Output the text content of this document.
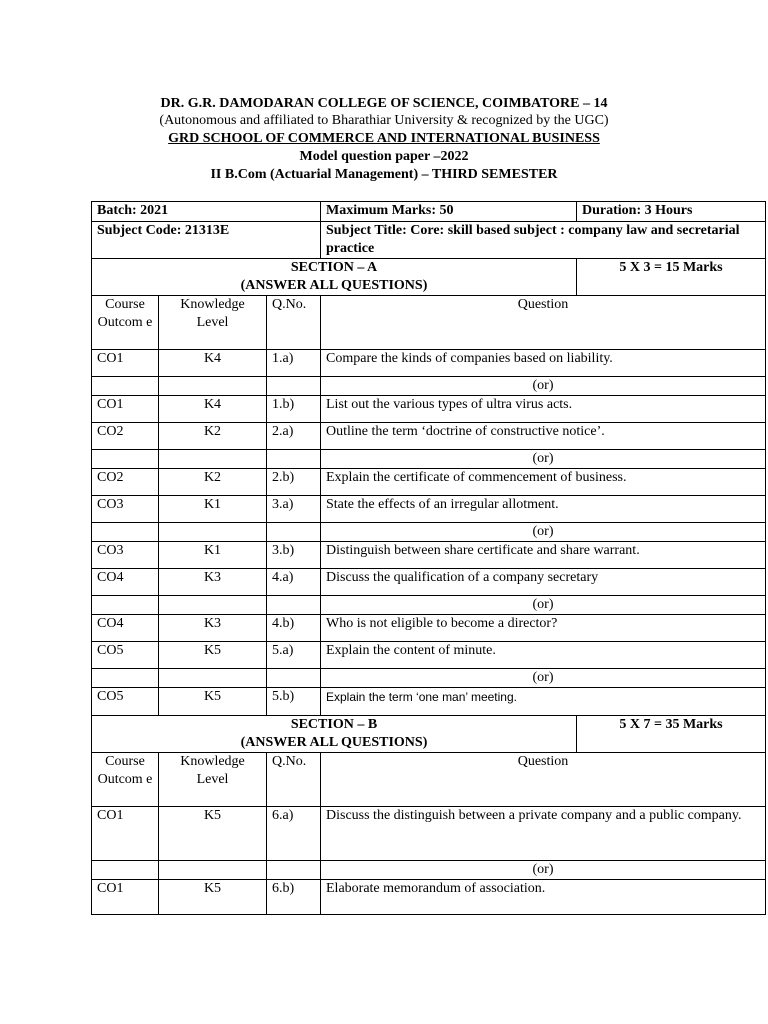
DR. G.R. DAMODARAN COLLEGE OF SCIENCE, COIMBATORE – 14
(Autonomous and affiliated to Bharathiar University & recognized by the UGC)
GRD SCHOOL OF COMMERCE AND INTERNATIONAL BUSINESS
Model question paper –2022
II B.Com (Actuarial Management) – THIRD SEMESTER
Batch: 2021			Maximum Marks: 50	Duration: 3 Hours
Subject Code: 21313E			Subject Title: Core: skill based subject : company law and secretarial practice	

SECTION – A
(ANSWER ALL QUESTIONS)				5 X 3 = 15 Marks
Course Outcom e	Knowledge Level	Q.No.	Question	
CO1	K4	1.a)	Compare the kinds of companies based on liability.	
			(or)	
CO1	K4	1.b)	List out the various types of ultra virus acts.	
CO2	K2	2.a)	Outline the term ‘doctrine of constructive notice’.	
			(or)	
CO2	K2	2.b)	Explain the certificate of commencement of business.	
CO3	K1	3.a)	State the effects of an irregular allotment.	
			(or)	
CO3	K1	3.b)	Distinguish between share certificate and share warrant.	
CO4	K3	4.a)	Discuss the qualification of a company secretary	
			(or)	
CO4	K3	4.b)	Who is not eligible to become a director?	
CO5	K5	5.a)	Explain the content of minute.	
			(or)	
CO5	K5	5.b)	Explain the term ‘one man’ meeting.	

SECTION – B
(ANSWER ALL QUESTIONS)				5 X 7 = 35 Marks
Course Outcom e	Knowledge Level	Q.No.	Question	
CO1	K5	6.a)	Discuss the distinguish between a private company and a public company.	
			(or)	
CO1	K5	6.b)	Elaborate memorandum of association.	
